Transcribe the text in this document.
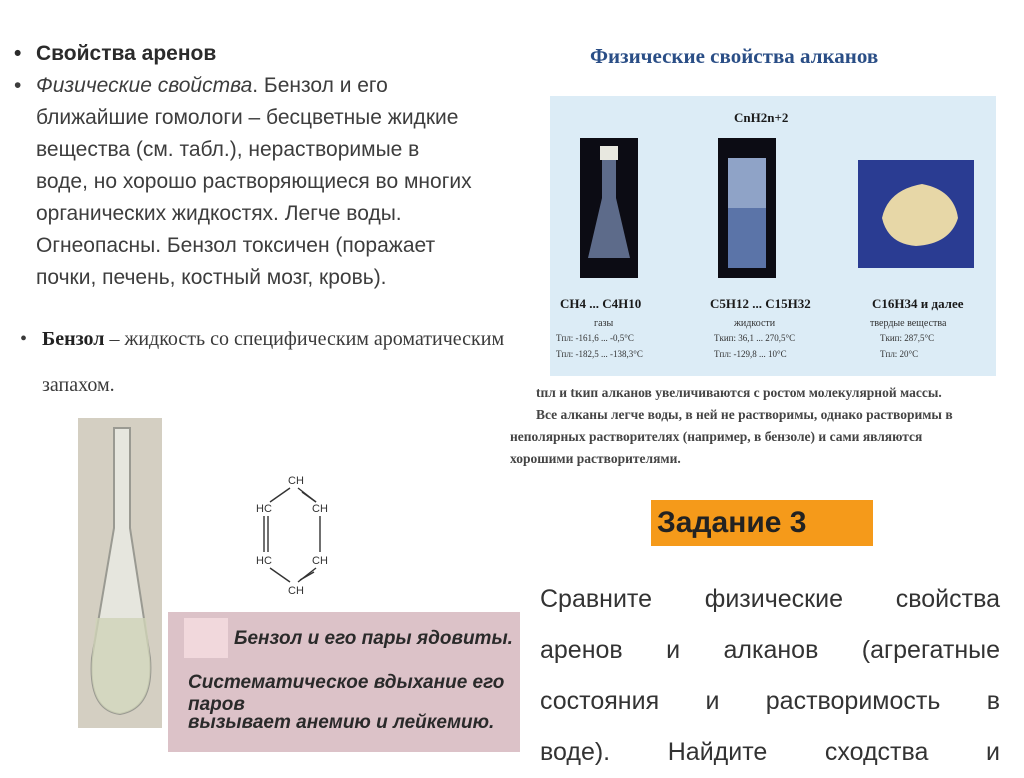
• Свойства аренов

• Физические свойства. Бензол и его

ближайшие гомологи – бесцветные жидкие

вещества (см. табл.), нерастворимые в

воде, но хорошо растворяющиеся во многих

органических жидкостях. Легче воды.

Огнеопасны. Бензол токсичен (поражает

почки, печень, костный мозг, кровь).

• Бензол – жидкость со специфическим ароматическим
запахом.
CH
HC	CH
HC	CH
CH
Бензол и его пары ядовиты.
Систематическое вдыхание его паров
вызывает анемию и лейкемию.
Физические свойства алканов
CnH2n+2
CH4 ... C4H10
газы
Tпл: -161,6 ... -0,5°C
Tпл: -182,5 ... -138,3°C
C5H12 ... C15H32
жидкости
Tкип: 36,1 ... 270,5°C
Tпл: -129,8 ... 10°C
C16H34 и далее
твердые вещества
Tкип: 287,5°C
Tпл: 20°C
tпл и tкип алканов увеличиваются с ростом молекулярной массы.
Все алканы легче воды, в ней не растворимы, однако растворимы в
неполярных растворителях (например, в бензоле) и сами являются
хорошими растворителями.
Задание 3
Сравните физические свойства
аренов и алканов (агрегатные
состояния и растворимость в
воде). Найдите сходства и
